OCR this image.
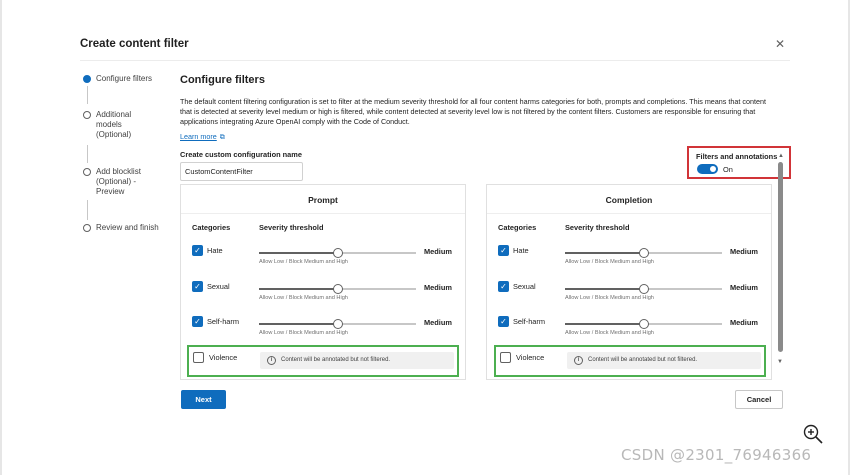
Create content filter	✕
Configure filters
Additional
models
(Optional)
Add blocklist
(Optional) -
Preview
Review and finish
Configure filters
The default content filtering configuration is set to filter at the medium severity threshold for all four content harms categories for both, prompts and completions. This means that content that is detected at severity level medium or high is filtered, while content detected at severity level low is not filtered by the content filters. Customers are responsible for ensuring that applications integrating Azure OpenAI comply with the Code of Conduct.
Learn more ⧉
Create custom configuration name
CustomContentFilter	Filters and annotations
On
▲
▼
Prompt
Categories	Severity threshold
✓ Hate	Medium
Allow Low / Block Medium and High
✓ Sexual	Medium
Allow Low / Block Medium and High
✓ Self-harm	Medium
Allow Low / Block Medium and High
Violence	i	Content will be annotated but not filtered.
Completion
Categories	Severity threshold
✓ Hate	Medium
Allow Low / Block Medium and High
✓ Sexual	Medium
Allow Low / Block Medium and High
✓ Self-harm	Medium
Allow Low / Block Medium and High
Violence	i	Content will be annotated but not filtered.
Next	Cancel
CSDN @2301_76946366
